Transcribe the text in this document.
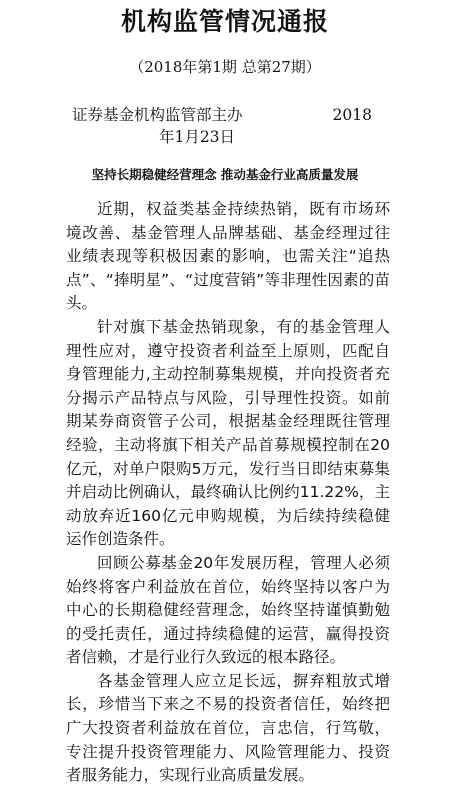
机构监管情况通报
（2018年第1期 总第27期）
证券基金机构监管部主办	2018
年1月23日
坚持长期稳健经营理念 推动基金行业高质量发展

近期，权益类基金持续热销，既有市场环境改善、基金管理人品牌基础、基金经理过往业绩表现等积极因素的影响，也需关注“追热点”、“捧明星”、“过度营销”等非理性因素的苗头。

针对旗下基金热销现象，有的基金管理人理性应对，遵守投资者利益至上原则，匹配自身管理能力,主动控制募集规模，并向投资者充分揭示产品特点与风险，引导理性投资。如前期某券商资管子公司，根据基金经理既往管理经验，主动将旗下相关产品首募规模控制在20亿元，对单户限购5万元，发行当日即结束募集并启动比例确认，最终确认比例约11.22%，主动放弃近160亿元申购规模，为后续持续稳健运作创造条件。

回顾公募基金20年发展历程，管理人必须始终将客户利益放在首位，始终坚持以客户为中心的长期稳健经营理念，始终坚持谨慎勤勉的受托责任，通过持续稳健的运营，赢得投资者信赖，才是行业行久致远的根本路径。

各基金管理人应立足长远，摒弃粗放式增长，珍惜当下来之不易的投资者信任，始终把广大投资者利益放在首位，言忠信，行笃敬，专注提升投资管理能力、风险管理能力、投资者服务能力，实现行业高质量发展。
